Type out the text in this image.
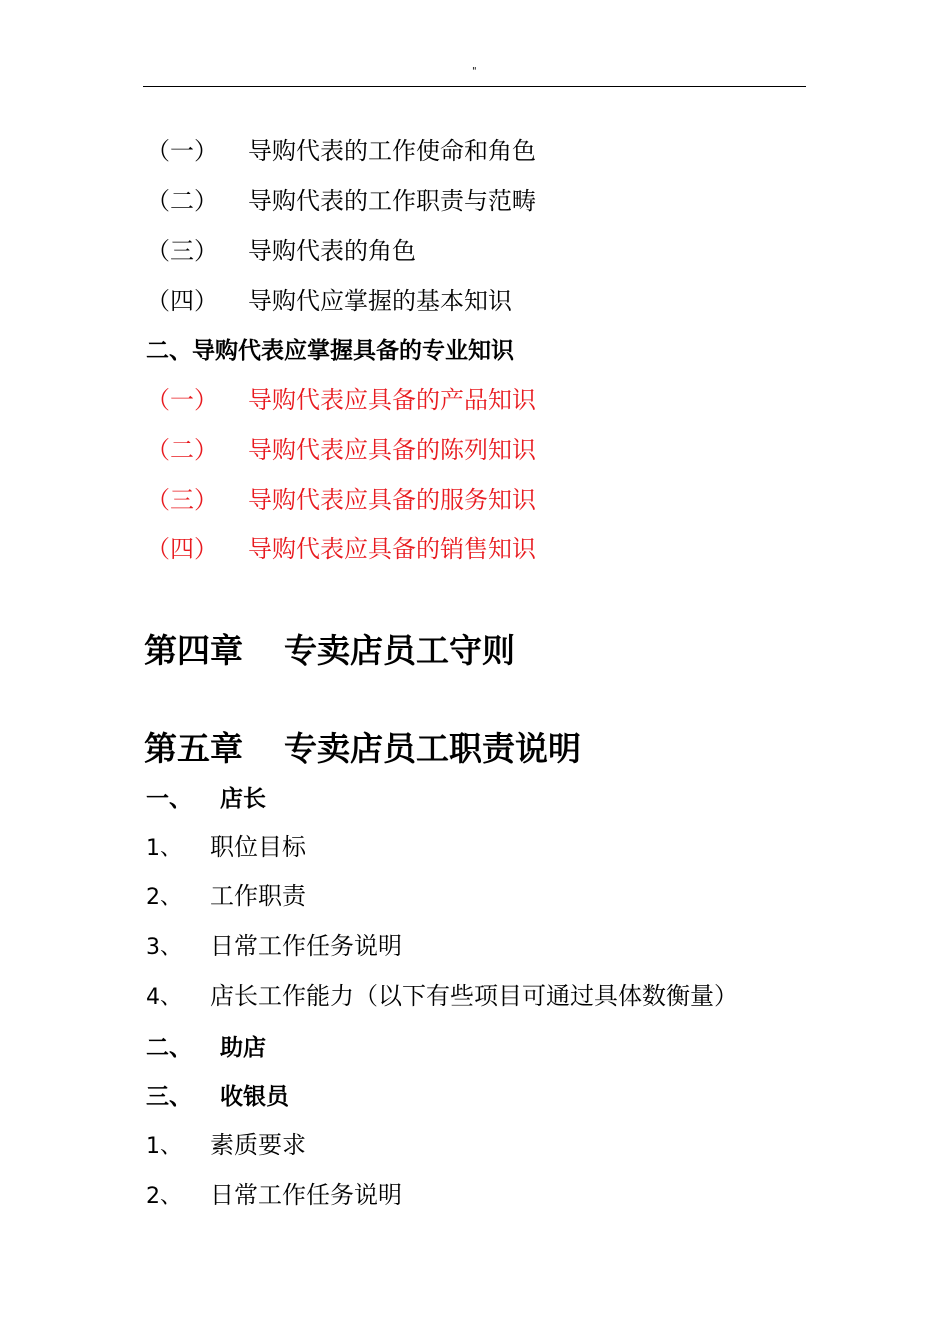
"
（一） 导购代表的工作使命和角色
（二） 导购代表的工作职责与范畴
（三） 导购代表的角色
（四） 导购代应掌握的基本知识
二、导购代表应掌握具备的专业知识
（一） 导购代表应具备的产品知识
（二） 导购代表应具备的陈列知识
（三） 导购代表应具备的服务知识
（四） 导购代表应具备的销售知识
第四章 专卖店员工守则
第五章 专卖店员工职责说明
一、 店长
1、 职位目标
2、 工作职责
3、 日常工作任务说明
4、 店长工作能力（以下有些项目可通过具体数衡量）
二、 助店
三、 收银员
1、 素质要求
2、 日常工作任务说明
